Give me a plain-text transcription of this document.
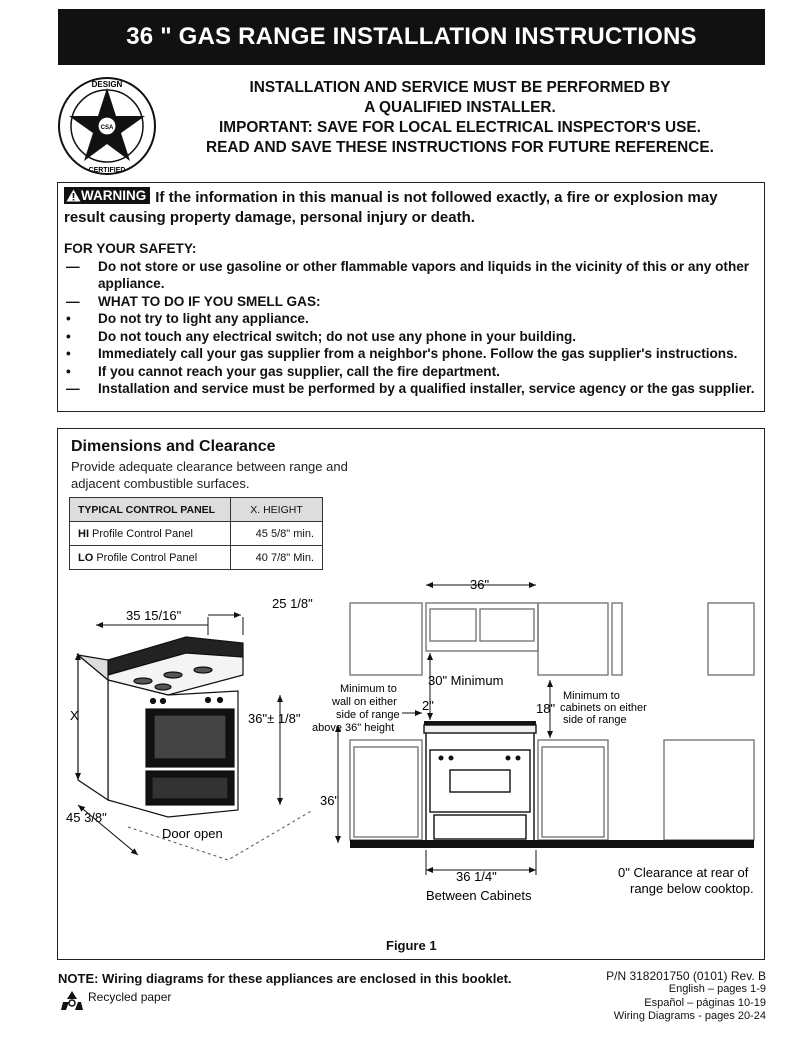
36 " GAS RANGE INSTALLATION INSTRUCTIONS
CSA
DESIGN
CERTIFIED
INSTALLATION AND SERVICE MUST BE PERFORMED BY
A QUALIFIED INSTALLER.
IMPORTANT: SAVE FOR LOCAL ELECTRICAL INSPECTOR'S USE.
READ AND SAVE THESE INSTRUCTIONS FOR FUTURE REFERENCE.
WARNING If the information in this manual is not followed exactly, a fire or explosion may result causing property damage, personal injury or death.
FOR YOUR SAFETY:
—	Do not store or use gasoline or other flammable vapors and liquids in the vicinity of this or any other appliance.
—	WHAT TO DO IF YOU SMELL GAS:
•	Do not try to light any appliance.
•	Do not touch any electrical switch; do not use any phone in your building.
•	Immediately call your gas supplier from a neighbor's phone. Follow the gas supplier's instructions.
•	If you cannot reach your gas supplier, call the fire department.
—	Installation and service must be performed by a qualified installer, service agency or the gas supplier.
Dimensions and Clearance
Provide adequate clearance between range and adjacent combustible surfaces.
TYPICAL CONTROL PANEL	X. HEIGHT
HI Profile Control Panel	45 5/8" min.
LO Profile Control Panel	40 7/8" Min.
25 1/8"
35 15/16"
X	36"± 1/8"
45 3/8"
Door open
36"
30" Minimum
Minimum to
wall on either
side of range
above 36" height
2"	18"
Minimum to
cabinets on either
side of range
36"
36 1/4"
Between Cabinets
0" Clearance at rear of
range below cooktop.
Figure 1
NOTE: Wiring diagrams for these appliances are enclosed in this booklet.
Recycled paper
P/N 318201750 (0101) Rev. B
English – pages 1-9
Español – páginas 10-19
Wiring Diagrams - pages 20-24
